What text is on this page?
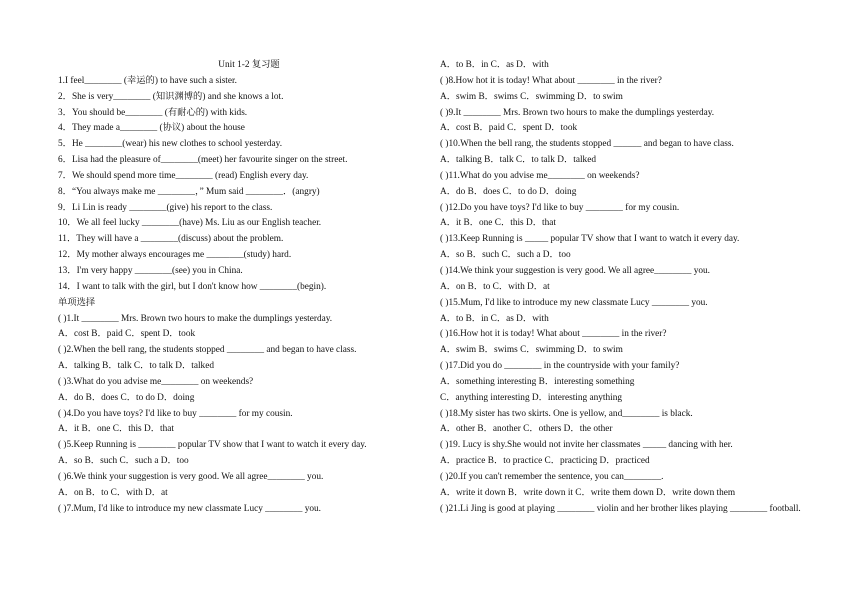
Unit 1-2 复习题
1.I feel________ (幸运的) to have such a sister.
2．She is very________ (知识渊博的) and she knows a lot.
3．You should be________ (有耐心的) with kids.
4．They made a________ (协议) about the house
5．He ________(wear) his new clothes to school yesterday.
6．Lisa had the pleasure of________(meet) her favourite singer on the street.
7．We should spend more time________ (read) English every day.
8．“You always make me ________，” Mum said ________．(angry)
9．Li Lin is ready ________(give) his report to the class.
10．We all feel lucky ________(have) Ms. Liu as our English teacher.
11．They will have a ________(discuss) about the problem.
12．My mother always encourages me ________(study) hard.
13．I'm very happy ________(see) you in China.
14．I want to talk with the girl, but I don't know how ________(begin).
单项选择
( )1.It ________ Mrs. Brown two hours to make the dumplings yesterday.
A．cost B．paid C．spent D．took
( )2.When the bell rang, the students stopped ________ and began to have class.
A．talking B．talk C．to talk D．talked
( )3.What do you advise me________ on weekends?
A．do B．does C．to do D．doing
( )4.Do you have toys? I'd like to buy ________ for my cousin.
A．it B．one C．this D．that
( )5.Keep Running is ________ popular TV show that I want to watch it every day.
A．so B．such C．such a D．too
( )6.We think your suggestion is very good. We all agree________ you.
A．on B．to C．with D．at
( )7.Mum, I'd like to introduce my new classmate Lucy ________ you.
A．to B．in C．as D．with
( )8.How hot it is today! What about ________ in the river?
A．swim B．swims C．swimming D．to swim
( )9.It ________ Mrs. Brown two hours to make the dumplings yesterday.
A．cost B．paid C．spent D．took
( )10.When the bell rang, the students stopped ______ and began to have class.
A．talking B．talk C．to talk D．talked
( )11.What do you advise me________ on weekends?
A．do B．does C．to do D．doing
( )12.Do you have toys? I'd like to buy ________ for my cousin.
A．it B．one C．this D．that
( )13.Keep Running is _____ popular TV show that I want to watch it every day.
A．so B．such C．such a D．too
( )14.We think your suggestion is very good. We all agree________ you.
A．on B．to C．with D．at
( )15.Mum, I'd like to introduce my new classmate Lucy ________ you.
A．to B．in C．as D．with
( )16.How hot it is today! What about ________ in the river?
A．swim B．swims C．swimming D．to swim
( )17.Did you do ________ in the countryside with your family?
A．something interesting B．interesting something
C．anything interesting D．interesting anything
( )18.My sister has two skirts. One is yellow, and________ is black.
A．other B．another C．others D．the other
( )19. Lucy is shy.She would not invite her classmates _____ dancing with her.
A．practice B．to practice C．practicing D．practiced
( )20.If you can't remember the sentence, you can________.
A．write it down B．write down it C．write them down D．write down them
( )21.Li Jing is good at playing ________ violin and her brother likes playing ________ football.
